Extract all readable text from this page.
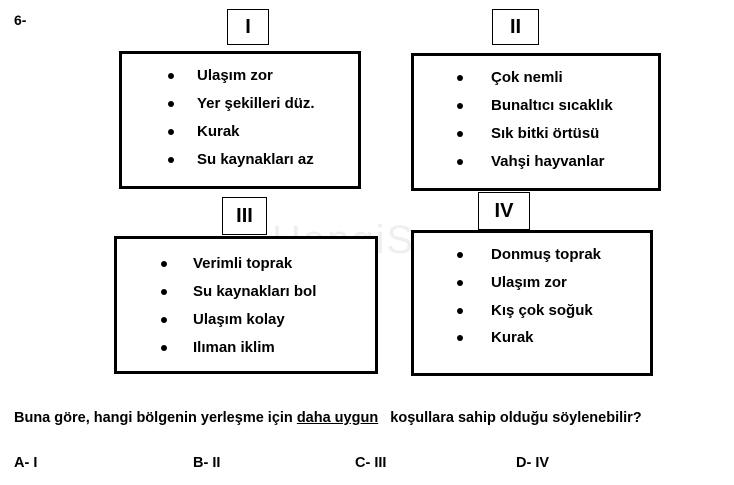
6-	I
Ulaşım zor
Yer şekilleri düz.
Kurak
Su kaynakları az
II
Çok nemli
Bunaltıcı sıcaklık
Sık bitki örtüsü
Vahşi hayvanlar
III
Verimli toprak
Su kaynakları bol
Ulaşım kolay
Ilıman iklim
IV
Donmuş toprak
Ulaşım zor
Kış çok soğuk
Kurak
Buna göre, hangi bölgenin yerleşme için daha uygun   koşullara sahip olduğu söylenebilir?
A- I	B- II	C- III	D- IV
